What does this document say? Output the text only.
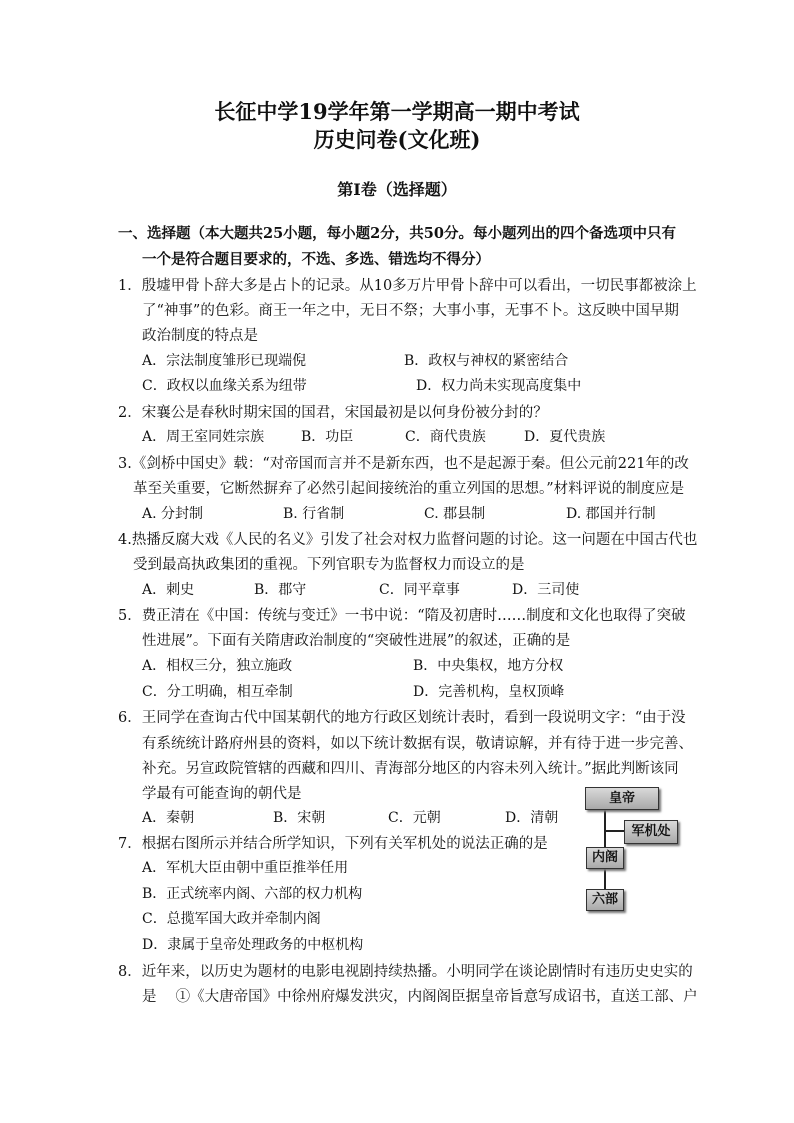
长征中学19学年第一学期高一期中考试
历史问卷(文化班)
第Ⅰ卷（选择题）
一、选择题（本大题共25小题，每小题2分，共50分。每小题列出的四个备选项中只有
一个是符合题目要求的，不选、多选、错选均不得分）
1．殷墟甲骨卜辞大多是占卜的记录。从10多万片甲骨卜辞中可以看出，一切民事都被涂上
了“神事”的色彩。商王一年之中，无日不祭；大事小事，无事不卜。这反映中国早期
政治制度的特点是
A．宗法制度雏形已现端倪	B．政权与神权的紧密结合
C．政权以血缘关系为纽带	D．权力尚未实现高度集中
2．宋襄公是春秋时期宋国的国君，宋国最初是以何身份被分封的？
A．周王室同姓宗族	B．功臣	C．商代贵族	D．夏代贵族
3.《剑桥中国史》载：“对帝国而言并不是新东西，也不是起源于秦。但公元前221年的改
革至关重要，它断然摒弃了必然引起间接统治的重立列国的思想。”材料评说的制度应是
A. 分封制	B. 行省制	C. 郡县制	D. 郡国并行制
4.热播反腐大戏《人民的名义》引发了社会对权力监督问题的讨论。这一问题在中国古代也
受到最高执政集团的重视。下列官职专为监督权力而设立的是
A．刺史	B．郡守	C．同平章事	D．三司使
5．费正清在《中国：传统与变迁》一书中说：“隋及初唐时……制度和文化也取得了突破
性进展”。下面有关隋唐政治制度的“突破性进展”的叙述，正确的是
A．相权三分，独立施政	B．中央集权，地方分权
C．分工明确，相互牵制	D．完善机构，皇权顶峰
6．王同学在查询古代中国某朝代的地方行政区划统计表时，看到一段说明文字：“由于没
有系统统计路府州县的资料，如以下统计数据有误，敬请谅解，并有待于进一步完善、
补充。另宣政院管辖的西藏和四川、青海部分地区的内容未列入统计。”据此判断该同
学最有可能查询的朝代是
A．秦朝	B．宋朝	C．元朝	D．清朝
7．根据右图所示并结合所学知识，下列有关军机处的说法正确的是
A．军机大臣由朝中重臣推举任用
B．正式统率内阁、六部的权力机构
C．总揽军国大政并牵制内阁
D．隶属于皇帝处理政务的中枢机构
8．近年来，以历史为题材的电影电视剧持续热播。小明同学在谈论剧情时有违历史史实的
是　 ①《大唐帝国》中徐州府爆发洪灾，内阁阁臣据皇帝旨意写成诏书，直送工部、户
皇帝
军机处
内阁
六部
